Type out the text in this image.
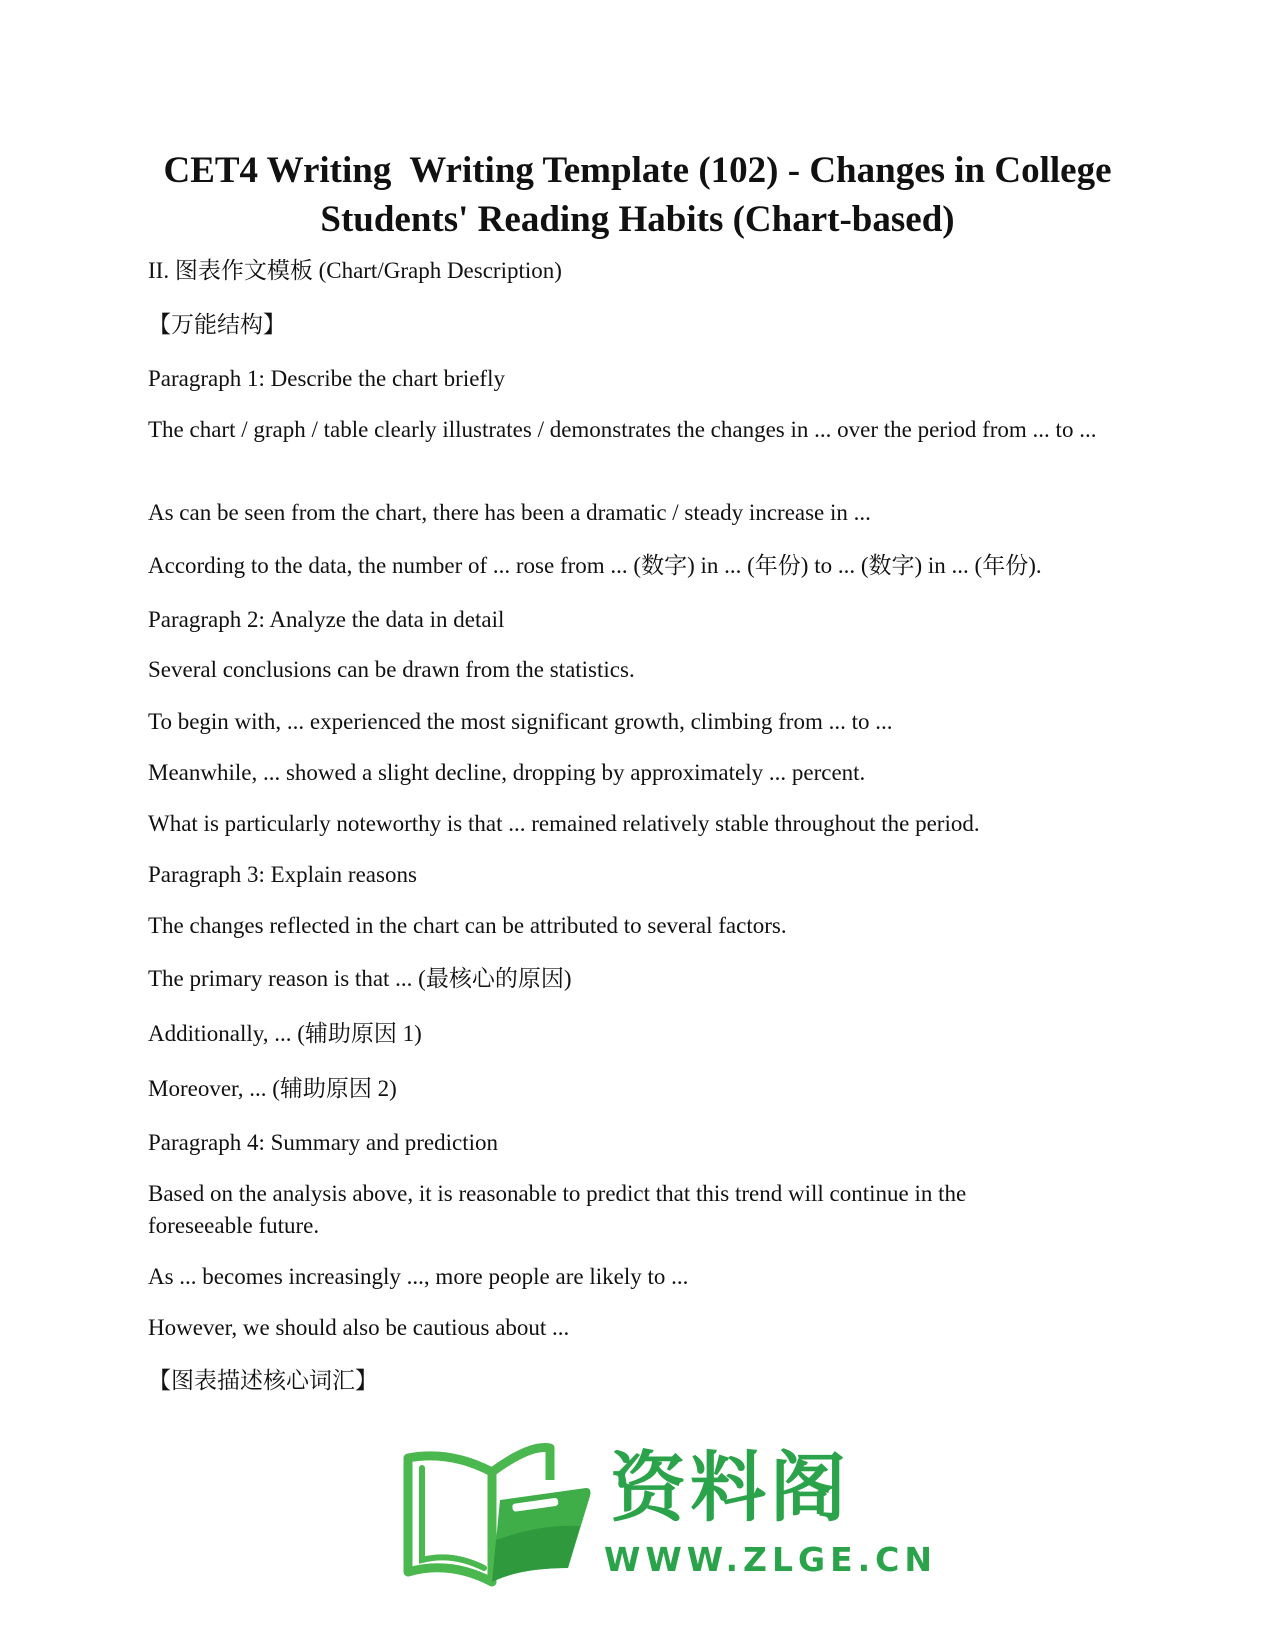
CET4 Writing  Writing Template (102) - Changes in College
Students' Reading Habits (Chart-based)

II. 图表作文模板 (Chart/Graph Description)

【万能结构】

Paragraph 1: Describe the chart briefly

The chart / graph / table clearly illustrates / demonstrates the changes in ... over the period from ... to ...

As can be seen from the chart, there has been a dramatic / steady increase in ...

According to the data, the number of ... rose from ... (数字) in ... (年份) to ... (数字) in ... (年份).

Paragraph 2: Analyze the data in detail

Several conclusions can be drawn from the statistics.

To begin with, ... experienced the most significant growth, climbing from ... to ...

Meanwhile, ... showed a slight decline, dropping by approximately ... percent.

What is particularly noteworthy is that ... remained relatively stable throughout the period.

Paragraph 3: Explain reasons

The changes reflected in the chart can be attributed to several factors.

The primary reason is that ... (最核心的原因)

Additionally, ... (辅助原因 1)

Moreover, ... (辅助原因 2)

Paragraph 4: Summary and prediction

Based on the analysis above, it is reasonable to predict that this trend will continue in the foreseeable future.

As ... becomes increasingly ..., more people are likely to ...

However, we should also be cautious about ...

【图表描述核心词汇】

资料阁
WWW.ZLGE.CN
